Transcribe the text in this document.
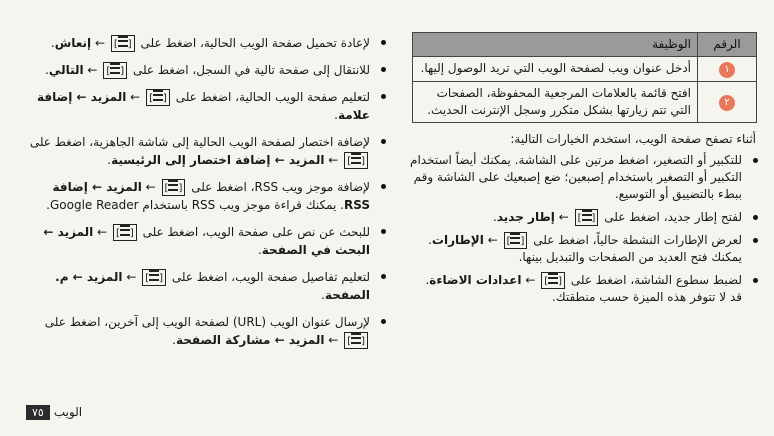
الرقم	الوظيفة
١	أدخل عنوان ويب لصفحة الويب التي تريد الوصول إليها.
٢	افتح قائمة بالعلامات المرجعية المحفوظة، الصفحات التي تتم زيارتها بشكل متكرر وسجل الإنترنت الحديث.
أثناء تصفح صفحة الويب، استخدم الخيارات التالية:
للتكبير أو التصغير، اضغط مرتين على الشاشة. يمكنك أيضاً استخدام التكبير أو التصغير باستخدام إصبعين؛ ضع إصبعيك على الشاشة وقم ببطء بالتضييق أو التوسيع.
لفتح إطار جديد، اضغط على [] ← إطار جديد.
لعرض الإطارات النشطة حالياً، اضغط على [] ← الإطارات. يمكنك فتح العديد من الصفحات والتبديل بينها.
لضبط سطوع الشاشة، اضغط على [] ← اعدادات الاضاءة. قد لا تتوفر هذه الميزة حسب منطقتك.
لإعادة تحميل صفحة الويب الحالية، اضغط على [] ← إنعاش.
للانتقال إلى صفحة تالية في السجل، اضغط على [] ← التالي.
لتعليم صفحة الويب الحالية، اضغط على [] ← المزيد ← إضافة علامة.
لإضافة اختصار لصفحة الويب الحالية إلى شاشة الجاهزية، اضغط على [] ← المزيد ← إضافة اختصار إلى الرئيسية.
لإضافة موجز ويب RSS، اضغط على [] ← المزيد ← إضافة RSS. يمكنك قراءة موجز ويب RSS باستخدام Google Reader.
للبحث عن نص على صفحة الويب، اضغط على [] ← المزيد ← البحث في الصفحة.
لتعليم تفاصيل صفحة الويب، اضغط على [] ← المزيد ← م. الصفحة.
لإرسال عنوان الويب (URL) لصفحة الويب إلى آخرين، اضغط على [] ← المزيد ← مشاركة الصفحة.
الويب
٧٥
